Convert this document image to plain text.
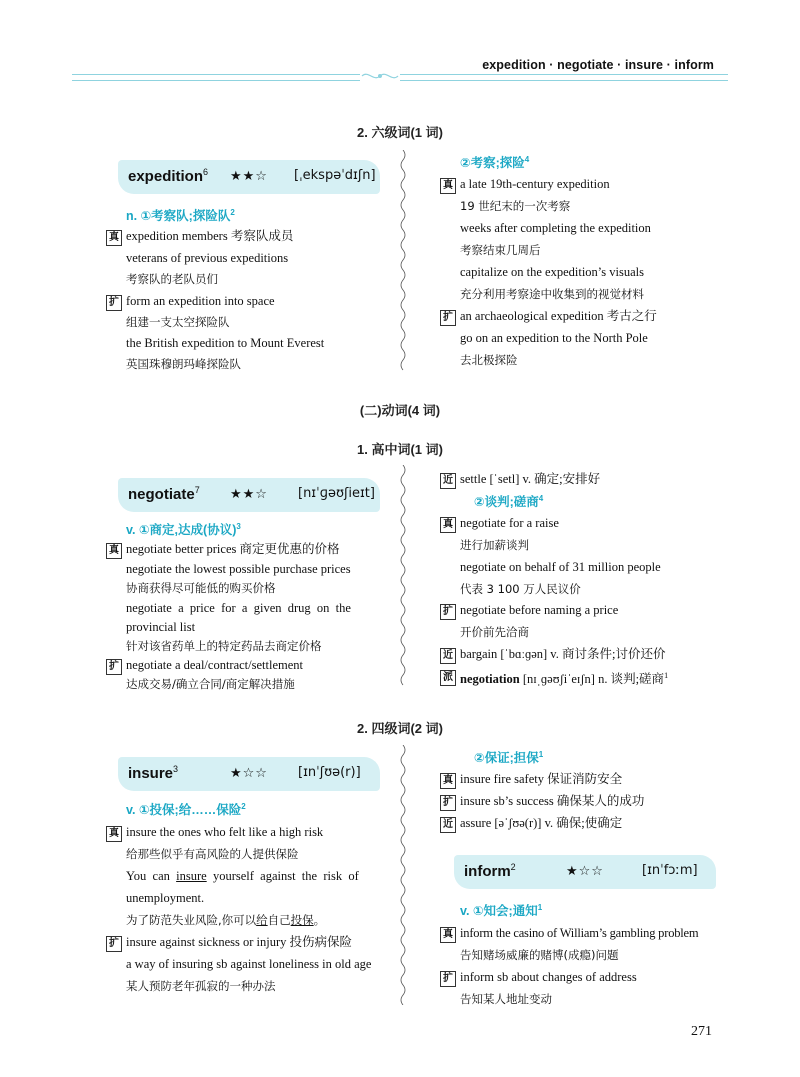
expedition · negotiate · insure · inform
2. 六级词(1 词)
expedition$^6$ ★★☆ [ˌekspəˈdɪʃn]
n. ①考察队;探险队$^2$
真 expedition members 考察队成员
veterans of previous expeditions
考察队的老队员们
扩 form an expedition into space
组建一支太空探险队
the British expedition to Mount Everest
英国珠穆朗玛峰探险队
②考察;探险$^4$
真 a late 19th-century expedition
19 世纪末的一次考察
weeks after completing the expedition
考察结束几周后
capitalize on the expedition’s visuals
充分利用考察途中收集到的视觉材料
扩 an archaeological expedition 考古之行
go on an expedition to the North Pole
去北极探险
(二)动词(4 词)
1. 高中词(1 词)
negotiate$^7$ ★★☆ [nɪˈɡəʊʃieɪt]
v. ①商定,达成(协议)$^3$
真 negotiate better prices 商定更优惠的价格
negotiate the lowest possible purchase prices
协商获得尽可能低的购买价格
negotiate  a  price  for  a  given  drug  on  the
provincial list
针对该省药单上的特定药品去商定价格
扩 negotiate a deal/contract/settlement
达成交易/确立合同/商定解决措施
近 settle [ˈsetl] v. 确定;安排好
②谈判;磋商$^4$
真 negotiate for a raise
进行加薪谈判
negotiate on behalf of 31 million people
代表 3 100 万人民议价
扩 negotiate before naming a price
开价前先洽商
近 bargain [ˈbɑːɡən] v. 商讨条件;讨价还价
派 negotiation [nɪˌɡəʊʃiˈeɪʃn] n. 谈判;磋商$^1$
2. 四级词(2 词)
insure$^3$	★☆☆ [ɪnˈʃʊə(r)]
v. ①投保;给……保险$^2$
真 insure the ones who felt like a high risk
给那些似乎有高风险的人提供保险
You  can insure yourself  against  the  risk  of
unemployment.
为了防范失业风险,你可以给自己投保。
扩 insure against sickness or injury 投伤病保险
a way of insuring sb against loneliness in old age
某人预防老年孤寂的一种办法
②保证;担保$^1$
真 insure fire safety 保证消防安全
扩 insure sb’s success 确保某人的成功
近 assure [əˈʃʊə(r)] v. 确保;使确定
inform$^2$	★☆☆	[ɪnˈfɔːm]
v. ①知会;通知$^1$
真 inform the casino of William’s gambling problem
告知赌场威廉的赌博(成瘾)问题
扩 inform sb about changes of address
告知某人地址变动
271
